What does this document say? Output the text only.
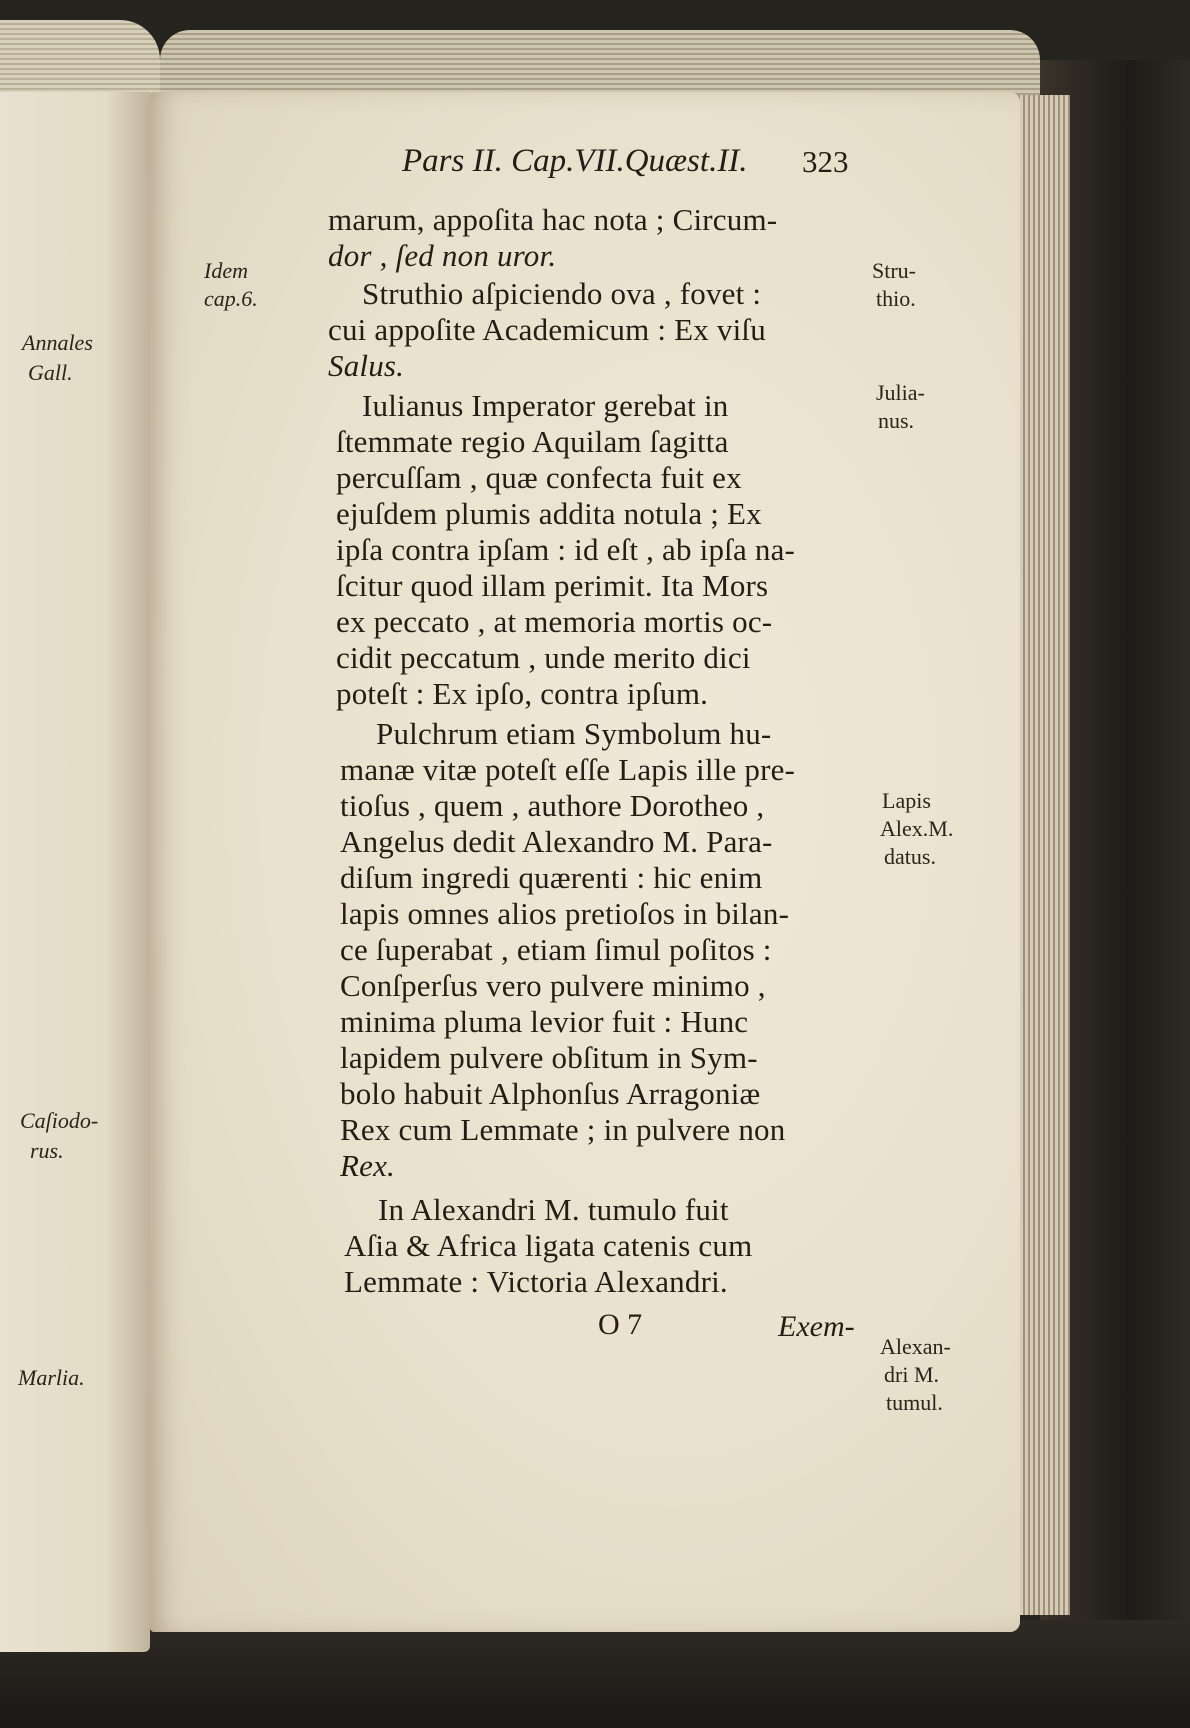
Annales
Gall.
Caſiodo-
rus.
Marlia.
Pars II. Cap.VII.Quæst.II. 323
Idem
cap.6.
Stru-
thio.
Julia-
nus.
Lapis
Alex.M.
datus.
Alexan-
dri M.
tumul.
marum, appoſita hac nota ; Circum-
dor , ſed non uror.
Struthio aſpiciendo ova , fovet :
cui appoſite Academicum : Ex viſu
Salus.
Iulianus Imperator gerebat in
ſtemmate regio Aquilam ſagitta
percuſſam , quæ confecta fuit ex
ejuſdem plumis addita notula ; Ex
ipſa contra ipſam : id eſt , ab ipſa na-
ſcitur quod illam perimit. Ita Mors
ex peccato , at memoria mortis oc-
cidit peccatum , unde merito dici
poteſt : Ex ipſo, contra ipſum.
Pulchrum etiam Symbolum hu-
manæ vitæ poteſt eſſe Lapis ille pre-
tioſus , quem , authore Dorotheo ,
Angelus dedit Alexandro M. Para-
diſum ingredi quærenti : hic enim
lapis omnes alios pretioſos in bilan-
ce ſuperabat , etiam ſimul poſitos :
Conſperſus vero pulvere minimo ,
minima pluma levior fuit : Hunc
lapidem pulvere obſitum in Sym-
bolo habuit Alphonſus Arragoniæ
Rex cum Lemmate ; in pulvere non
Rex.
In Alexandri M. tumulo fuit
Aſia & Africa ligata catenis cum
Lemmate : Victoria Alexandri.
O 7	Exem-
